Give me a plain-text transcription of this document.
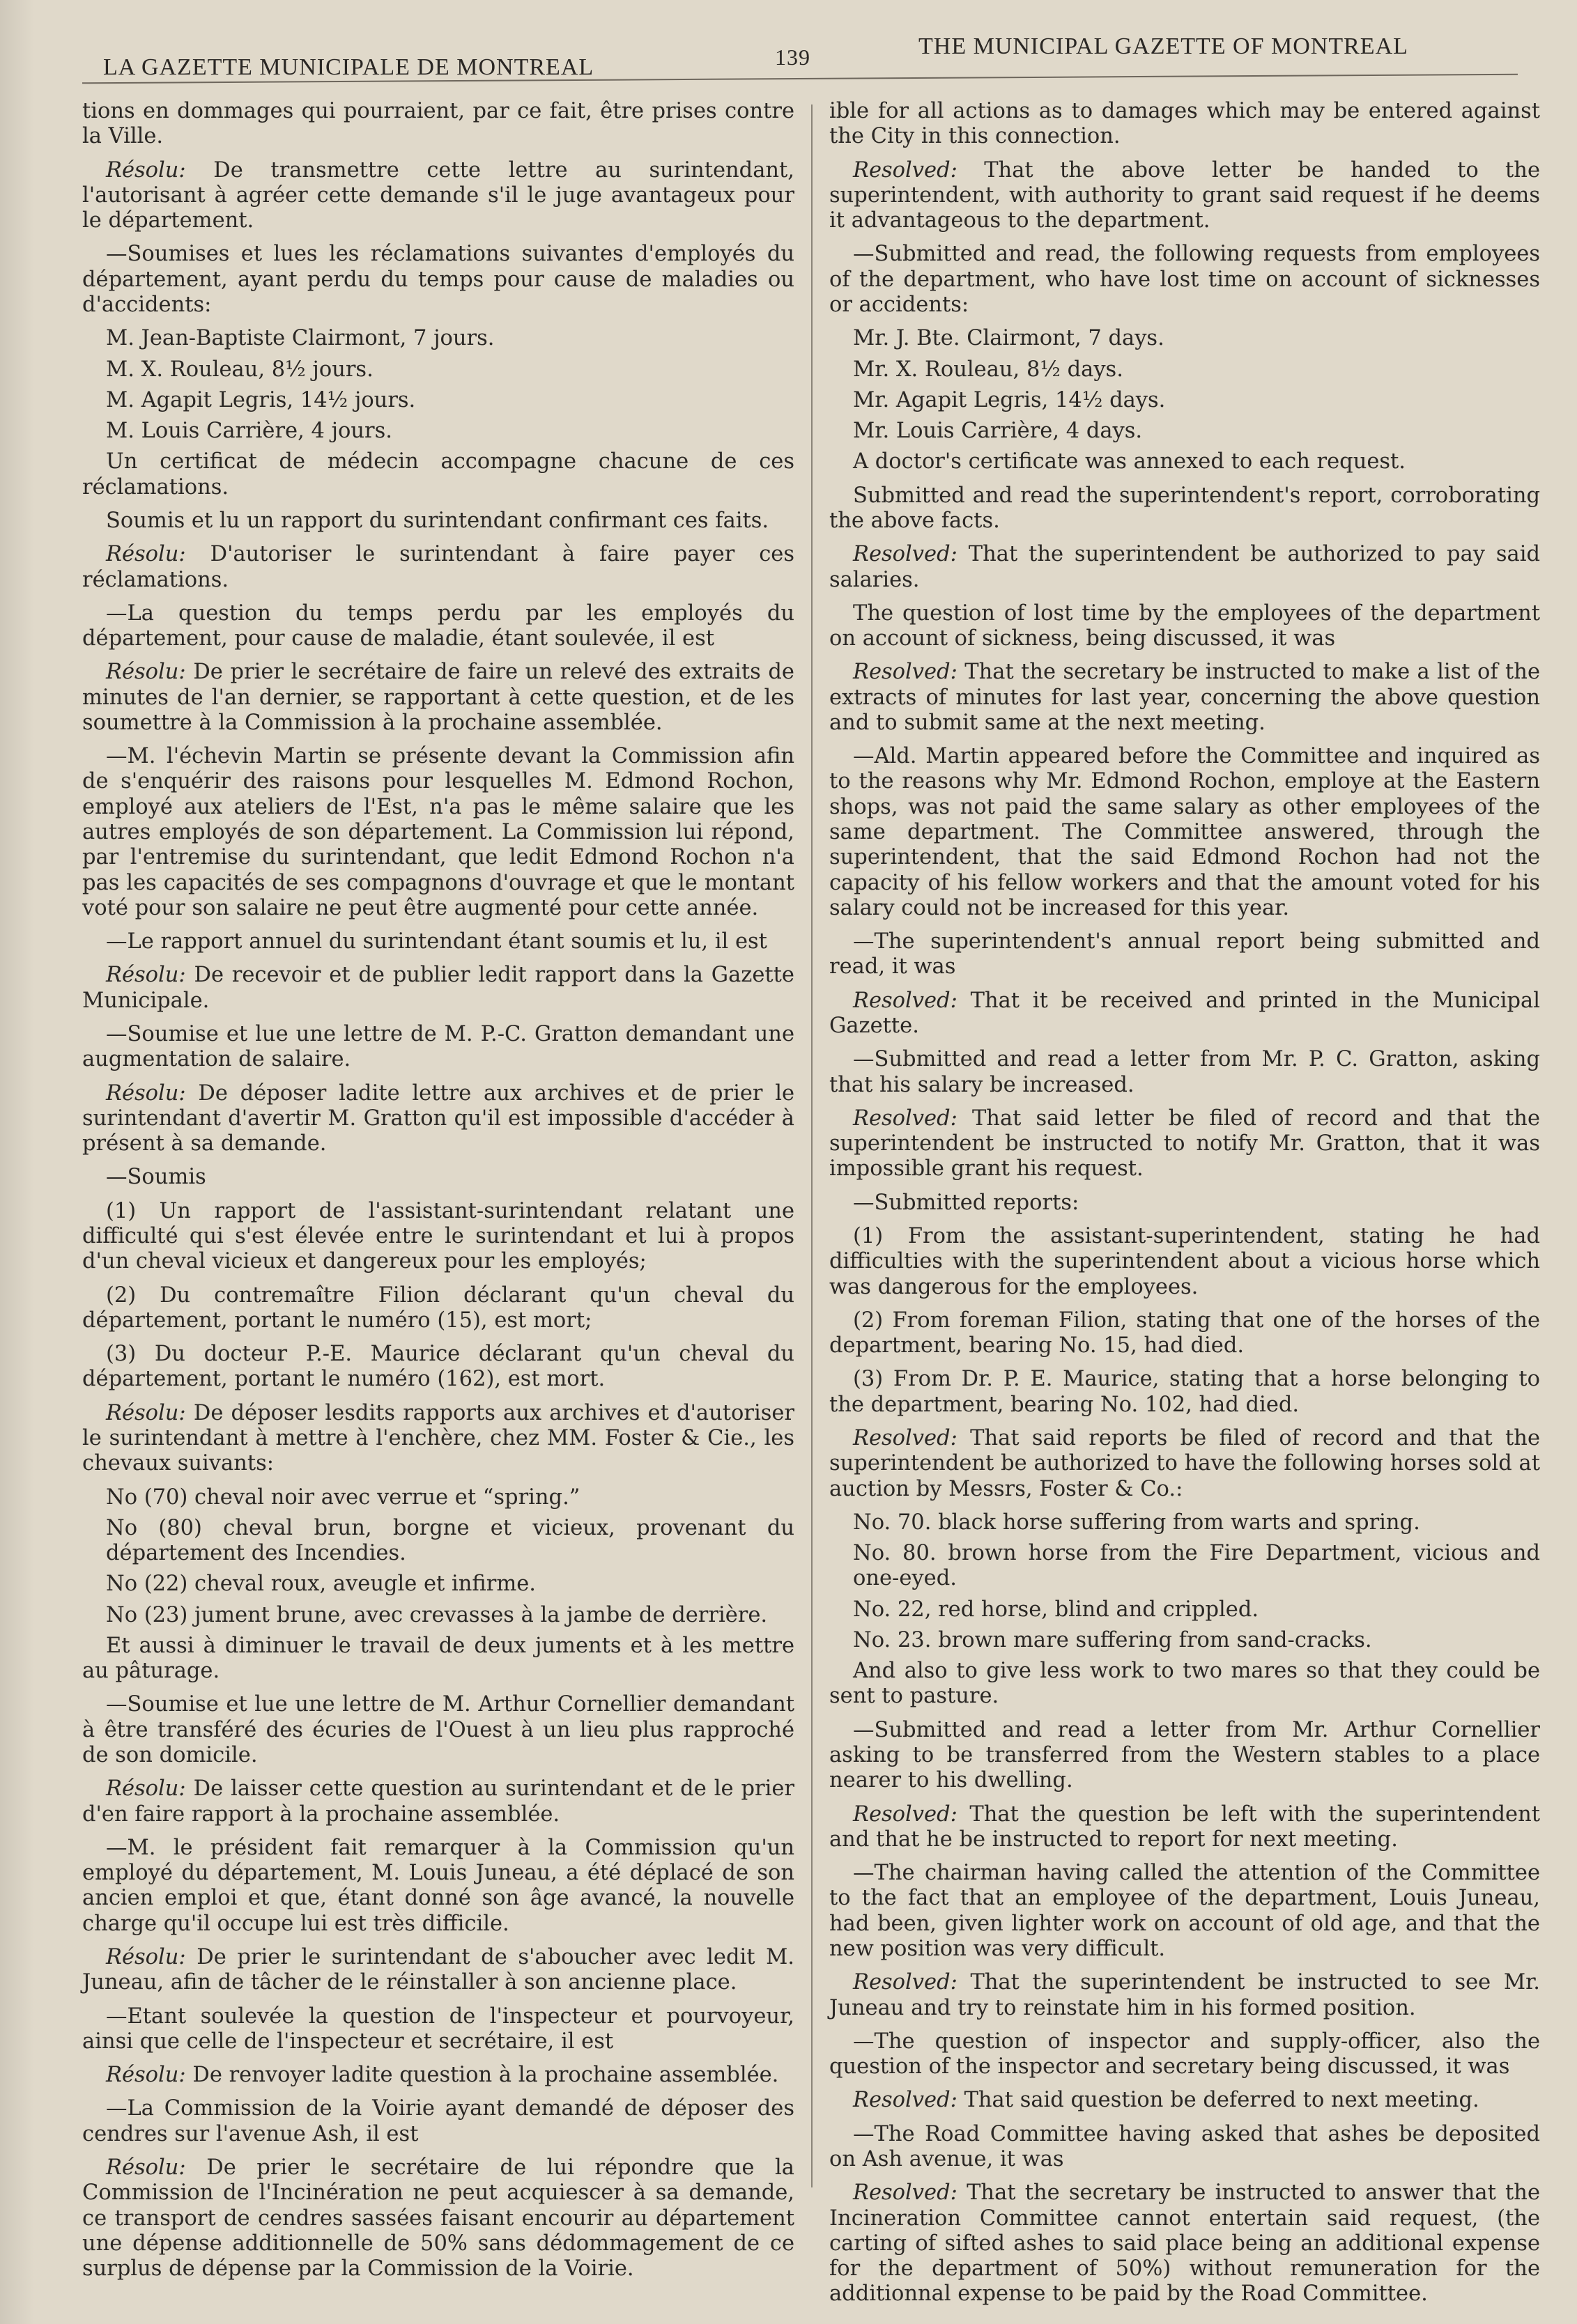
LA GAZETTE MUNICIPALE DE MONTREAL	139	THE MUNICIPAL GAZETTE OF MONTREAL

tions en dommages qui pourraient, par ce fait, être prises contre la Ville.

Résolu: De transmettre cette lettre au surintendant, l'autorisant à agréer cette demande s'il le juge avantageux pour le département.

—Soumises et lues les réclamations suivantes d'employés du département, ayant perdu du temps pour cause de maladies ou d'accidents:

M. Jean-Baptiste Clairmont, 7 jours.

M. X. Rouleau, 8½ jours.

M. Agapit Legris, 14½ jours.

M. Louis Carrière, 4 jours.

Un certificat de médecin accompagne chacune de ces réclamations.

Soumis et lu un rapport du surintendant confirmant ces faits.

Résolu: D'autoriser le surintendant à faire payer ces réclamations.

—La question du temps perdu par les employés du département, pour cause de maladie, étant soulevée, il est

Résolu: De prier le secrétaire de faire un relevé des extraits de minutes de l'an dernier, se rapportant à cette question, et de les soumettre à la Commission à la prochaine assemblée.

—M. l'échevin Martin se présente devant la Commission afin de s'enquérir des raisons pour lesquelles M. Edmond Rochon, employé aux ateliers de l'Est, n'a pas le même salaire que les autres employés de son département. La Commission lui répond, par l'entremise du surintendant, que ledit Edmond Rochon n'a pas les capacités de ses compagnons d'ouvrage et que le montant voté pour son salaire ne peut être augmenté pour cette année.

—Le rapport annuel du surintendant étant soumis et lu, il est

Résolu: De recevoir et de publier ledit rapport dans la Gazette Municipale.

—Soumise et lue une lettre de M. P.-C. Gratton demandant une augmentation de salaire.

Résolu: De déposer ladite lettre aux archives et de prier le surintendant d'avertir M. Gratton qu'il est impossible d'accéder à présent à sa demande.

—Soumis

(1) Un rapport de l'assistant-surintendant relatant une difficulté qui s'est élevée entre le surintendant et lui à propos d'un cheval vicieux et dangereux pour les employés;

(2) Du contremaître Filion déclarant qu'un cheval du département, portant le numéro (15), est mort;

(3) Du docteur P.-E. Maurice déclarant qu'un cheval du département, portant le numéro (162), est mort.

Résolu: De déposer lesdits rapports aux archives et d'autoriser le surintendant à mettre à l'enchère, chez MM. Foster & Cie., les chevaux suivants:

No (70) cheval noir avec verrue et “spring.”

No (80) cheval brun, borgne et vicieux, provenant du département des Incendies.

No (22) cheval roux, aveugle et infirme.

No (23) jument brune, avec crevasses à la jambe de derrière.

Et aussi à diminuer le travail de deux juments et à les mettre au pâturage.

—Soumise et lue une lettre de M. Arthur Cornellier demandant à être transféré des écuries de l'Ouest à un lieu plus rapproché de son domicile.

Résolu: De laisser cette question au surintendant et de le prier d'en faire rapport à la prochaine assemblée.

—M. le président fait remarquer à la Commission qu'un employé du département, M. Louis Juneau, a été déplacé de son ancien emploi et que, étant donné son âge avancé, la nouvelle charge qu'il occupe lui est très difficile.

Résolu: De prier le surintendant de s'aboucher avec ledit M. Juneau, afin de tâcher de le réinstaller à son ancienne place.

—Etant soulevée la question de l'inspecteur et pourvoyeur, ainsi que celle de l'inspecteur et secrétaire, il est

Résolu: De renvoyer ladite question à la prochaine assemblée.

—La Commission de la Voirie ayant demandé de déposer des cendres sur l'avenue Ash, il est

Résolu: De prier le secrétaire de lui répondre que la Commission de l'Incinération ne peut acquiescer à sa demande, ce transport de cendres sassées faisant encourir au département une dépense additionnelle de 50% sans dédommagement de ce surplus de dépense par la Commission de la Voirie.

ible for all actions as to damages which may be entered against the City in this connection.

Resolved: That the above letter be handed to the superintendent, with authority to grant said request if he deems it advantageous to the department.

—Submitted and read, the following requests from employees of the department, who have lost time on account of sicknesses or accidents:

Mr. J. Bte. Clairmont, 7 days.

Mr. X. Rouleau, 8½ days.

Mr. Agapit Legris, 14½ days.

Mr. Louis Carrière, 4 days.

A doctor's certificate was annexed to each request.

Submitted and read the superintendent's report, corroborating the above facts.

Resolved: That the superintendent be authorized to pay said salaries.

The question of lost time by the employees of the department on account of sickness, being discussed, it was

Resolved: That the secretary be instructed to make a list of the extracts of minutes for last year, concerning the above question and to submit same at the next meeting.

—Ald. Martin appeared before the Committee and inquired as to the reasons why Mr. Edmond Rochon, employe at the Eastern shops, was not paid the same salary as other employees of the same department. The Committee answered, through the superintendent, that the said Edmond Rochon had not the capacity of his fellow workers and that the amount voted for his salary could not be increased for this year.

—The superintendent's annual report being submitted and read, it was

Resolved: That it be received and printed in the Municipal Gazette.

—Submitted and read a letter from Mr. P. C. Gratton, asking that his salary be increased.

Resolved: That said letter be filed of record and that the superintendent be instructed to notify Mr. Gratton, that it was impossible grant his request.

—Submitted reports:

(1) From the assistant-superintendent, stating he had difficulties with the superintendent about a vicious horse which was dangerous for the employees.

(2) From foreman Filion, stating that one of the horses of the department, bearing No. 15, had died.

(3) From Dr. P. E. Maurice, stating that a horse belonging to the department, bearing No. 102, had died.

Resolved: That said reports be filed of record and that the superintendent be authorized to have the following horses sold at auction by Messrs, Foster & Co.:

No. 70. black horse suffering from warts and spring.

No. 80. brown horse from the Fire Department, vicious and one-eyed.

No. 22, red horse, blind and crippled.

No. 23. brown mare suffering from sand-cracks.

And also to give less work to two mares so that they could be sent to pasture.

—Submitted and read a letter from Mr. Arthur Cornellier asking to be transferred from the Western stables to a place nearer to his dwelling.

Resolved: That the question be left with the superintendent and that he be instructed to report for next meeting.

—The chairman having called the attention of the Committee to the fact that an employee of the department, Louis Juneau, had been, given lighter work on account of old age, and that the new position was very difficult.

Resolved: That the superintendent be instructed to see Mr. Juneau and try to reinstate him in his formed position.

—The question of inspector and supply-officer, also the question of the inspector and secretary being discussed, it was

Resolved: That said question be deferred to next meeting.

—The Road Committee having asked that ashes be deposited on Ash avenue, it was

Resolved: That the secretary be instructed to answer that the Incineration Committee cannot entertain said request, (the carting of sifted ashes to said place being an additional expense for the department of 50%) without remuneration for the additionnal expense to be paid by the Road Committee.
